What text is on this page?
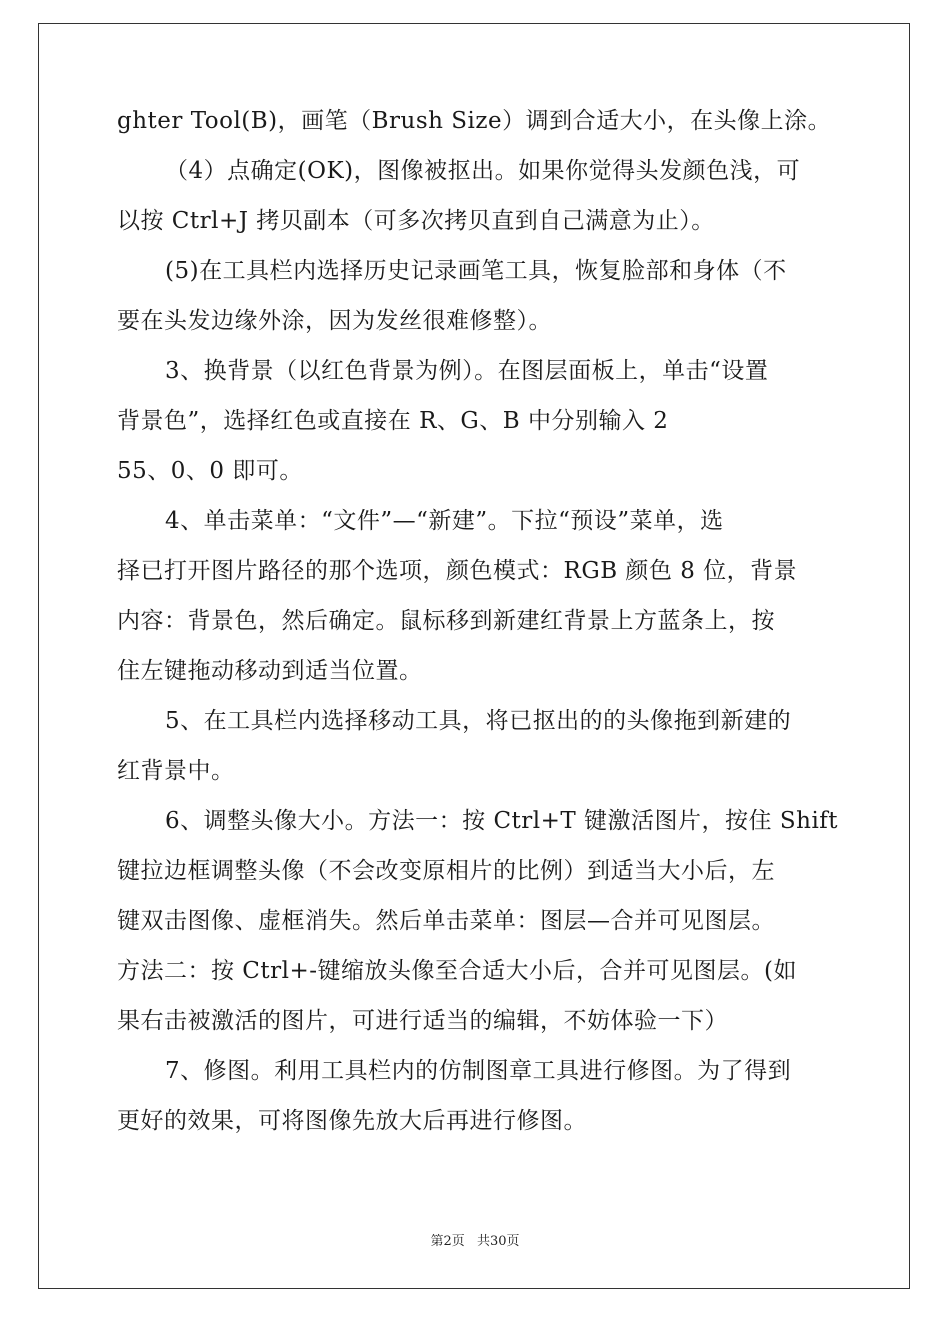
ghter Tool(B)，画笔（Brush Size）调到合适大小，在头像上涂。
（4）点确定(OK)，图像被抠出。如果你觉得头发颜色浅，可
以按 Ctrl+J 拷贝副本（可多次拷贝直到自己满意为止）。
(5)在工具栏内选择历史记录画笔工具，恢复脸部和身体（不
要在头发边缘外涂，因为发丝很难修整）。
3、换背景（以红色背景为例）。在图层面板上，单击“设置
背景色”，选择红色或直接在 R、G、B 中分别输入 2
55、0、0 即可。
4、单击菜单：“文件”—“新建”。下拉“预设”菜单，选
择已打开图片路径的那个选项，颜色模式：RGB 颜色 8 位，背景
内容：背景色，然后确定。鼠标移到新建红背景上方蓝条上，按
住左键拖动移动到适当位置。
5、在工具栏内选择移动工具，将已抠出的的头像拖到新建的
红背景中。
6、调整头像大小。方法一：按 Ctrl+T 键激活图片，按住 Shift
键拉边框调整头像（不会改变原相片的比例）到适当大小后，左
键双击图像、虚框消失。然后单击菜单：图层—合并可见图层。
方法二：按 Ctrl+-键缩放头像至合适大小后，合并可见图层。(如
果右击被激活的图片，可进行适当的编辑，不妨体验一下）
7、修图。利用工具栏内的仿制图章工具进行修图。为了得到
更好的效果，可将图像先放大后再进行修图。
第2页 共30页
